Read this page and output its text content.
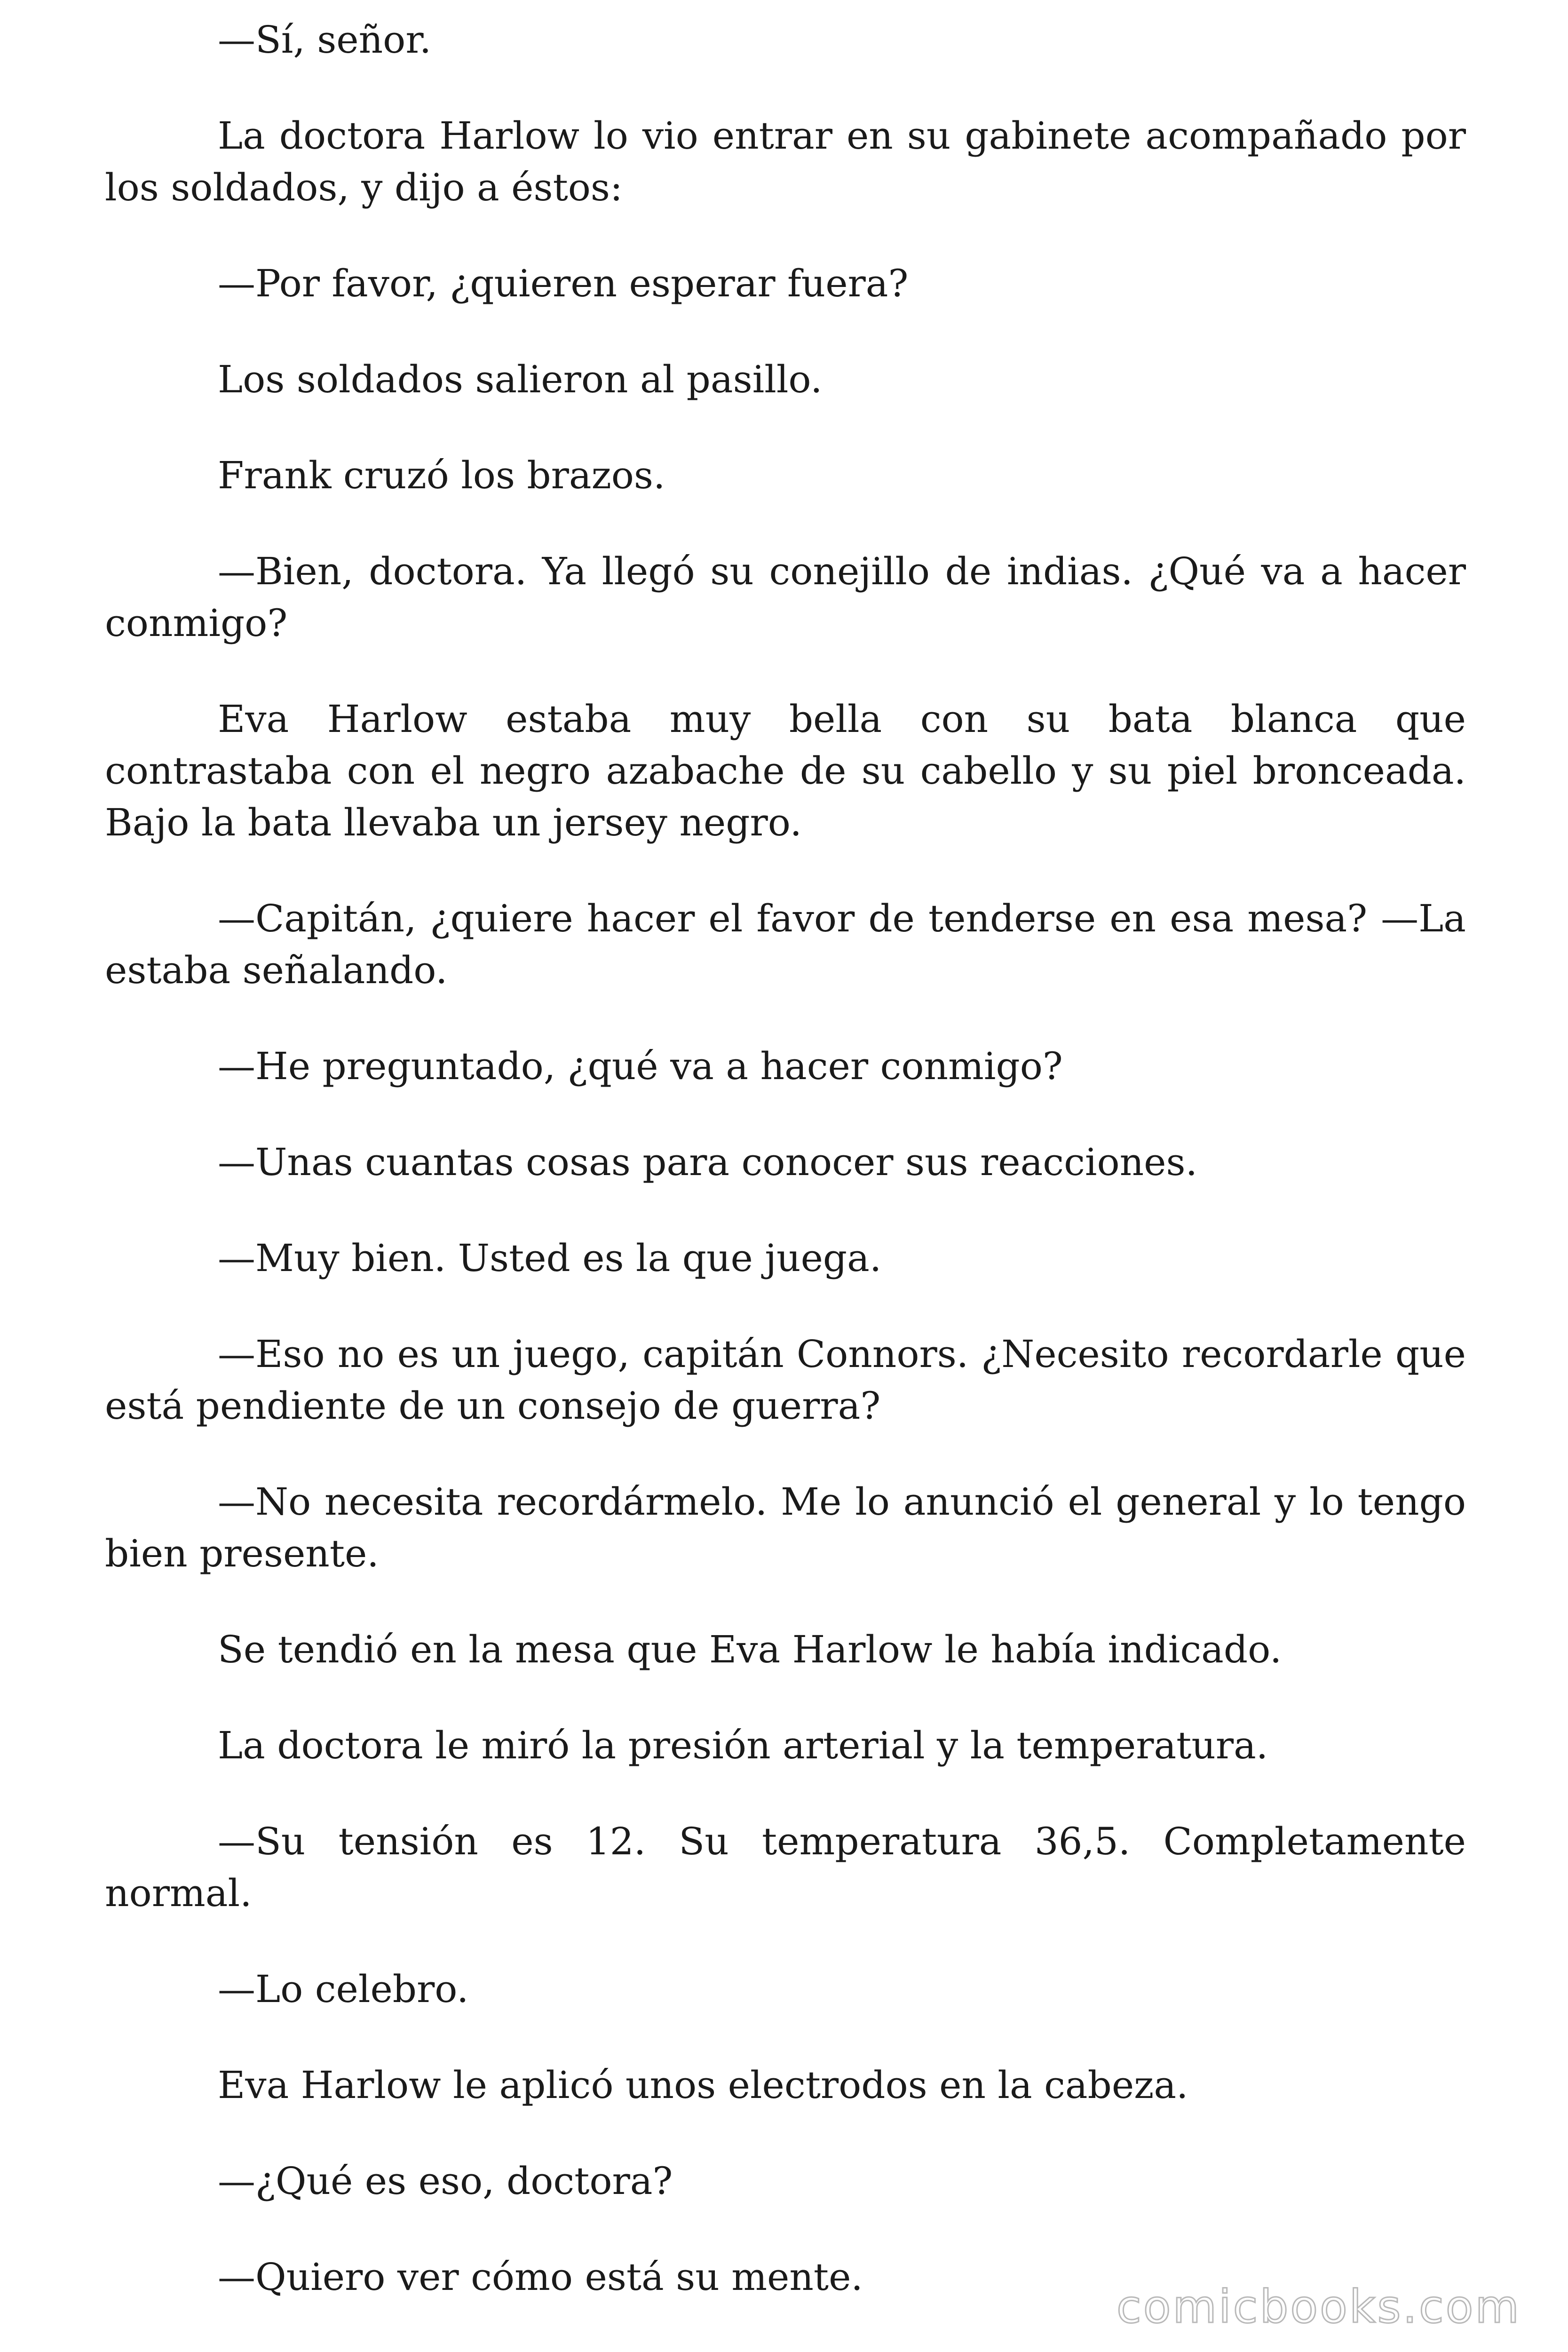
—Sí, señor.

La doctora Harlow lo vio entrar en su gabinete acompañado por los soldados, y dijo a éstos:

—Por favor, ¿quieren esperar fuera?

Los soldados salieron al pasillo.

Frank cruzó los brazos.

—Bien, doctora. Ya llegó su conejillo de indias. ¿Qué va a hacer conmigo?

Eva Harlow estaba muy bella con su bata blanca que contrastaba con el negro azabache de su cabello y su piel bronceada. Bajo la bata llevaba un jersey negro.

—Capitán, ¿quiere hacer el favor de tenderse en esa mesa? —La estaba señalando.

—He preguntado, ¿qué va a hacer conmigo?

—Unas cuantas cosas para conocer sus reacciones.

—Muy bien. Usted es la que juega.

—Eso no es un juego, capitán Connors. ¿Necesito recordarle que está pendiente de un consejo de guerra?

—No necesita recordármelo. Me lo anunció el general y lo tengo bien presente.

Se tendió en la mesa que Eva Harlow le había indicado.

La doctora le miró la presión arterial y la temperatura.

—Su tensión es 12. Su temperatura 36,5. Completamente normal.

—Lo celebro.

Eva Harlow le aplicó unos electrodos en la cabeza.

—¿Qué es eso, doctora?

—Quiero ver cómo está su mente.

comicbooks.com
